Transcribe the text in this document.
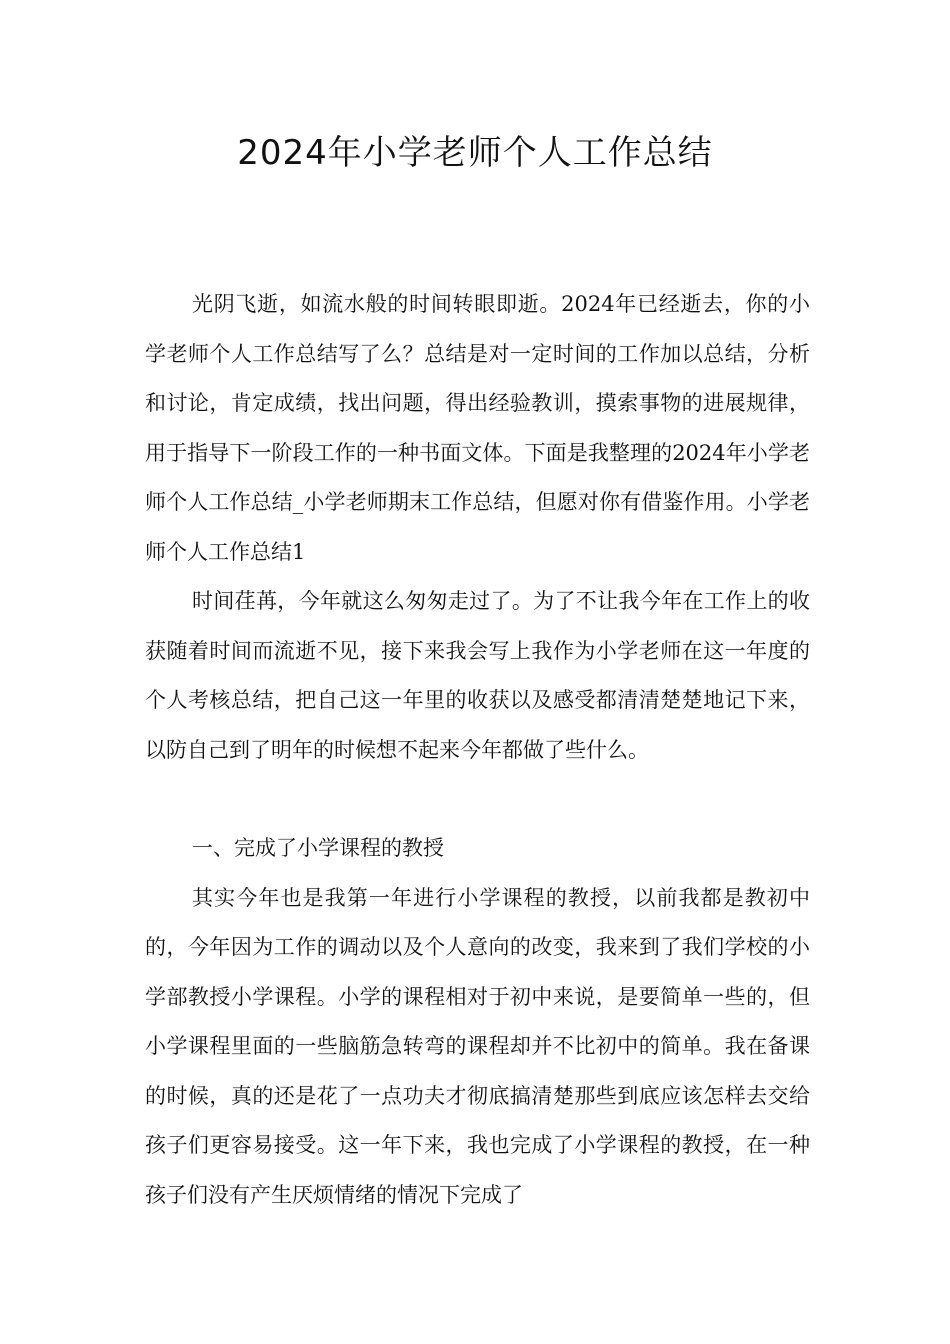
2024年小学老师个人工作总结

光阴飞逝，如流水般的时间转眼即逝。2024年已经逝去，你的小学老师个人工作总结写了么？总结是对一定时间的工作加以总结，分析和讨论，肯定成绩，找出问题，得出经验教训，摸索事物的进展规律，用于指导下一阶段工作的一种书面文体。下面是我整理的2024年小学老师个人工作总结_小学老师期末工作总结，但愿对你有借鉴作用。小学老师个人工作总结1

时间荏苒，今年就这么匆匆走过了。为了不让我今年在工作上的收获随着时间而流逝不见，接下来我会写上我作为小学老师在这一年度的个人考核总结，把自己这一年里的收获以及感受都清清楚楚地记下来，以防自己到了明年的时候想不起来今年都做了些什么。

一、完成了小学课程的教授

其实今年也是我第一年进行小学课程的教授，以前我都是教初中的，今年因为工作的调动以及个人意向的改变，我来到了我们学校的小学部教授小学课程。小学的课程相对于初中来说，是要简单一些的，但小学课程里面的一些脑筋急转弯的课程却并不比初中的简单。我在备课的时候，真的还是花了一点功夫才彻底搞清楚那些到底应该怎样去交给孩子们更容易接受。这一年下来，我也完成了小学课程的教授，在一种孩子们没有产生厌烦情绪的情况下完成了
